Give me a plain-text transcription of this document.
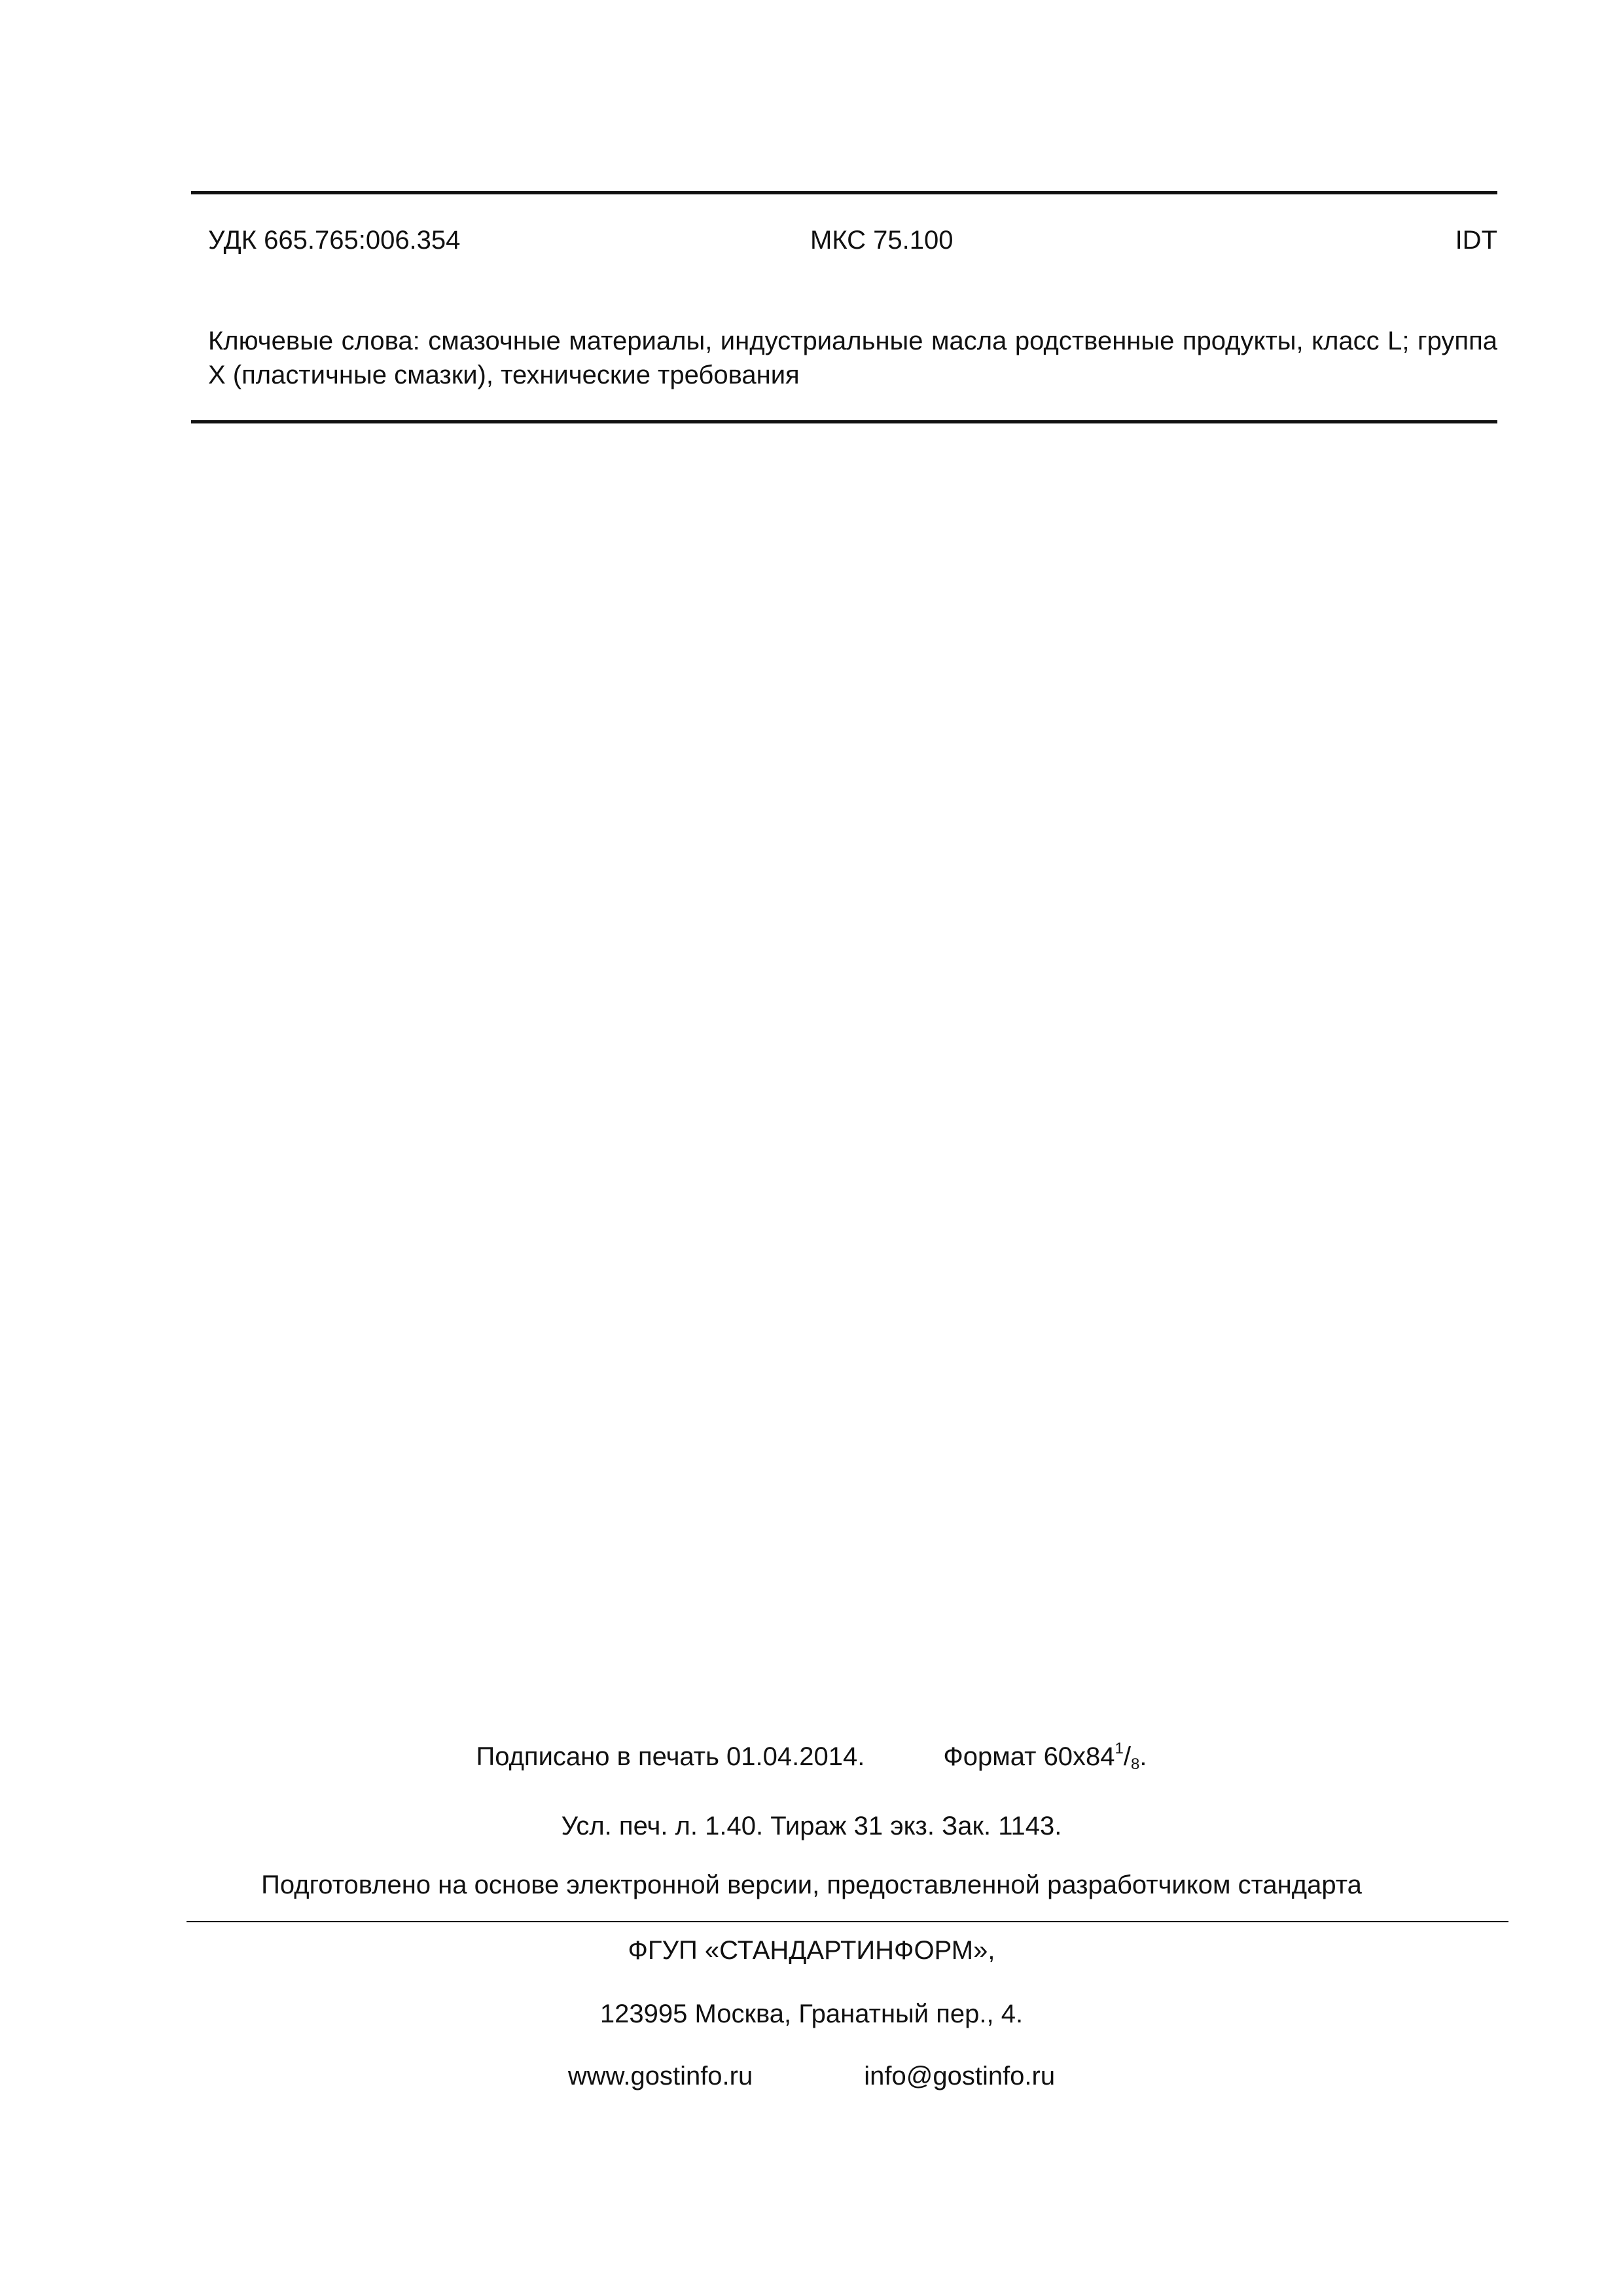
УДК 665.765:006.354	МКС 75.100	IDT
Ключевые слова: смазочные материалы, индустриальные масла родственные продукты, класс L; группа X (пластичные смазки), технические требования
Подписано в печать 01.04.2014.	Формат $60x84^1/_8$.
Усл. печ. л. 1.40. Тираж 31 экз. Зак. 1143.
Подготовлено на основе электронной версии, предоставленной разработчиком стандарта
ФГУП «СТАНДАРТИНФОРМ»,
123995 Москва, Гранатный пер., 4.
www.gostinfo.ru	info@gostinfo.ru
